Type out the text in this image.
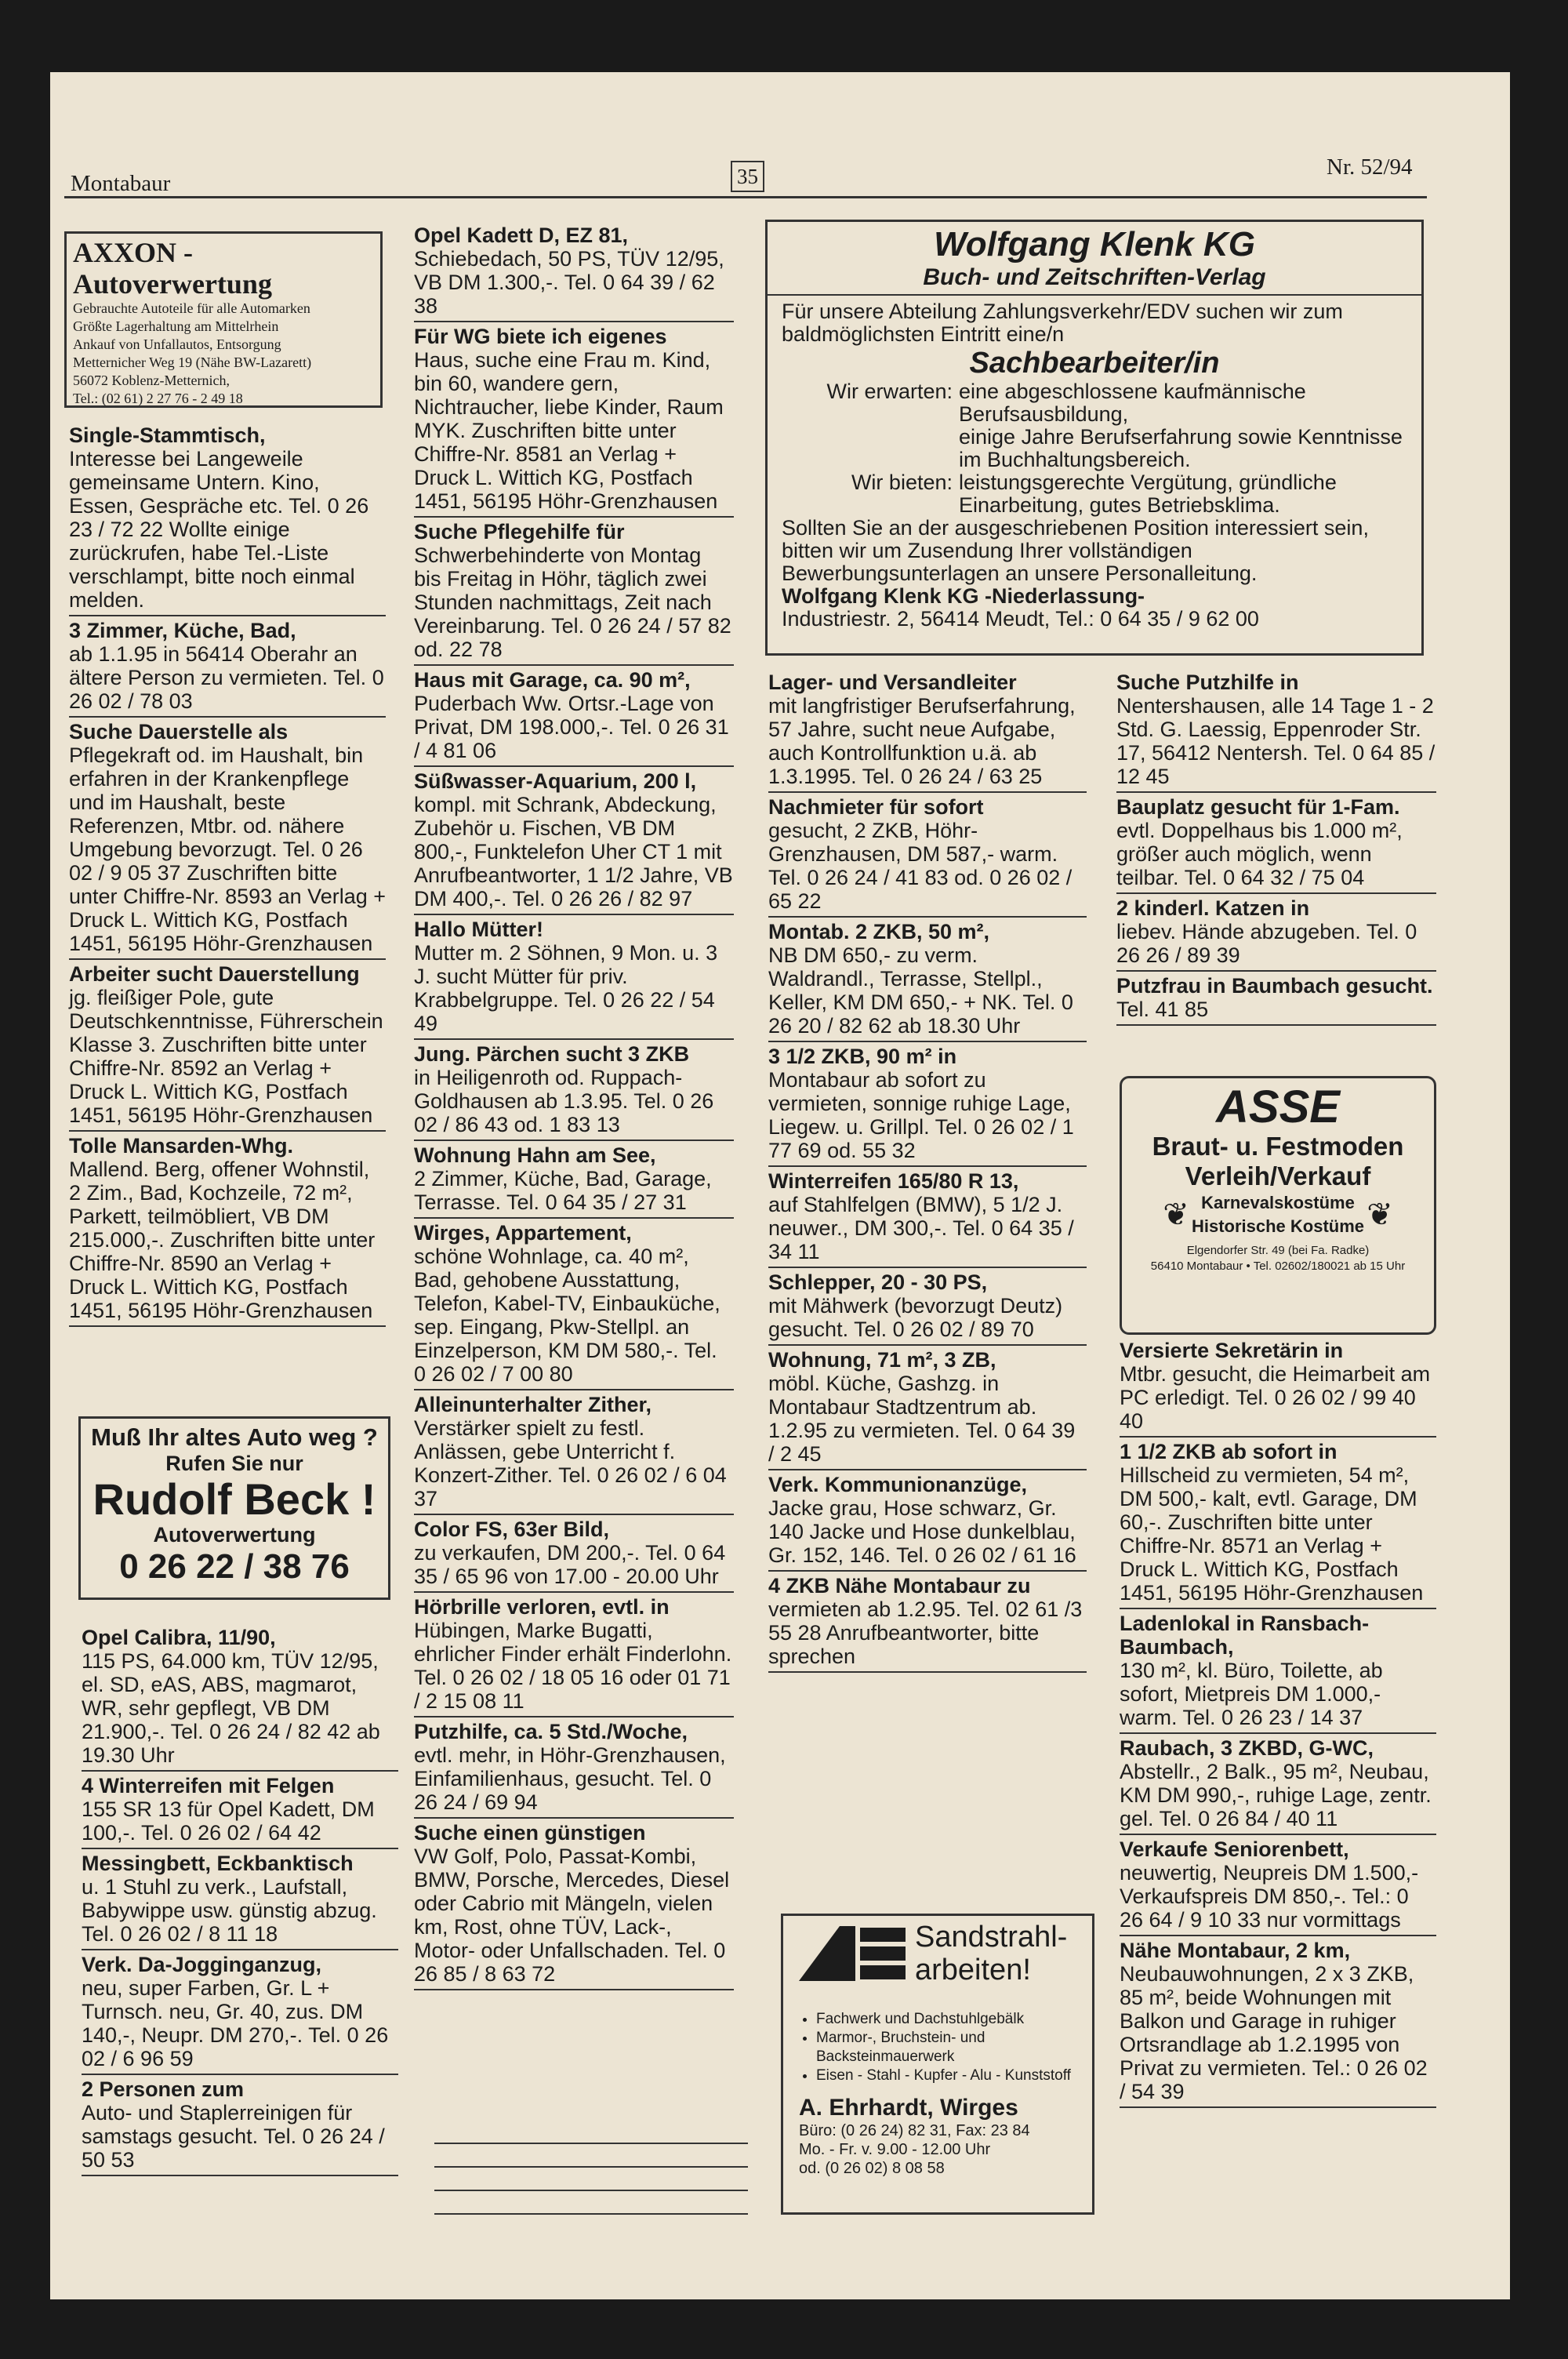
Montabaur	35	Nr. 52/94
AXXON - Autoverwertung
Gebrauchte Autoteile für alle Automarken
Größte Lagerhaltung am Mittelrhein
Ankauf von Unfallautos, Entsorgung
Metternicher Weg 19 (Nähe BW-Lazarett)
56072 Koblenz-Metternich,
Tel.: (02 61) 2 27 76 - 2 49 18
Single-Stammtisch,
Interesse bei Langeweile gemeinsame Untern. Kino, Essen, Gespräche etc. Tel. 0 26 23 / 72 22 Wollte einige zurückrufen, habe Tel.-Liste verschlampt, bitte noch einmal melden.
3 Zimmer, Küche, Bad,
ab 1.1.95 in 56414 Oberahr an ältere Person zu vermieten. Tel. 0 26 02 / 78 03
Suche Dauerstelle als
Pflegekraft od. im Haushalt, bin erfahren in der Krankenpflege und im Haushalt, beste Referenzen, Mtbr. od. nähere Umgebung bevorzugt. Tel. 0 26 02 / 9 05 37 Zuschriften bitte unter Chiffre-Nr. 8593 an Verlag + Druck L. Wittich KG, Postfach 1451, 56195 Höhr-Grenzhausen
Arbeiter sucht Dauerstellung
jg. fleißiger Pole, gute Deutschkenntnisse, Führerschein Klasse 3. Zuschriften bitte unter Chiffre-Nr. 8592 an Verlag + Druck L. Wittich KG, Postfach 1451, 56195 Höhr-Grenzhausen
Tolle Mansarden-Whg.
Mallend. Berg, offener Wohnstil, 2 Zim., Bad, Kochzeile, 72 m², Parkett, teilmöbliert, VB DM 215.000,-. Zuschriften bitte unter Chiffre-Nr. 8590 an Verlag + Druck L. Wittich KG, Postfach 1451, 56195 Höhr-Grenzhausen
Muß Ihr altes Auto weg ?
Rufen Sie nur
Rudolf Beck !
Autoverwertung
0 26 22 / 38 76
Opel Calibra, 11/90,
115 PS, 64.000 km, TÜV 12/95, el. SD, eAS, ABS, magmarot, WR, sehr gepflegt, VB DM 21.900,-. Tel. 0 26 24 / 82 42 ab 19.30 Uhr
4 Winterreifen mit Felgen
155 SR 13 für Opel Kadett, DM 100,-. Tel. 0 26 02 / 64 42
Messingbett, Eckbanktisch
u. 1 Stuhl zu verk., Laufstall, Babywippe usw. günstig abzug. Tel. 0 26 02 / 8 11 18
Verk. Da-Jogginganzug,
neu, super Farben, Gr. L + Turnsch. neu, Gr. 40, zus. DM 140,-, Neupr. DM 270,-. Tel. 0 26 02 / 6 96 59
2 Personen zum
Auto- und Staplerreinigen für samstags gesucht. Tel. 0 26 24 / 50 53
Opel Kadett D, EZ 81,
Schiebedach, 50 PS, TÜV 12/95, VB DM 1.300,-. Tel. 0 64 39 / 62 38
Für WG biete ich eigenes
Haus, suche eine Frau m. Kind, bin 60, wandere gern, Nichtraucher, liebe Kinder, Raum MYK. Zuschriften bitte unter Chiffre-Nr. 8581 an Verlag + Druck L. Wittich KG, Postfach 1451, 56195 Höhr-Grenzhausen
Suche Pflegehilfe für
Schwerbehinderte von Montag bis Freitag in Höhr, täglich zwei Stunden nachmittags, Zeit nach Vereinbarung. Tel. 0 26 24 / 57 82 od. 22 78
Haus mit Garage, ca. 90 m²,
Puderbach Ww. Ortsr.-Lage von Privat, DM 198.000,-. Tel. 0 26 31 / 4 81 06
Süßwasser-Aquarium, 200 l,
kompl. mit Schrank, Abdeckung, Zubehör u. Fischen, VB DM 800,-, Funktelefon Uher CT 1 mit Anrufbeantworter, 1 1/2 Jahre, VB DM 400,-. Tel. 0 26 26 / 82 97
Hallo Mütter!
Mutter m. 2 Söhnen, 9 Mon. u. 3 J. sucht Mütter für priv. Krabbelgruppe. Tel. 0 26 22 / 54 49
Jung. Pärchen sucht 3 ZKB
in Heiligenroth od. Ruppach-Goldhausen ab 1.3.95. Tel. 0 26 02 / 86 43 od. 1 83 13
Wohnung Hahn am See,
2 Zimmer, Küche, Bad, Garage, Terrasse. Tel. 0 64 35 / 27 31
Wirges, Appartement,
schöne Wohnlage, ca. 40 m², Bad, gehobene Ausstattung, Telefon, Kabel-TV, Einbauküche, sep. Eingang, Pkw-Stellpl. an Einzelperson, KM DM 580,-. Tel. 0 26 02 / 7 00 80
Alleinunterhalter Zither,
Verstärker spielt zu festl. Anlässen, gebe Unterricht f. Konzert-Zither. Tel. 0 26 02 / 6 04 37
Color FS, 63er Bild,
zu verkaufen, DM 200,-. Tel. 0 64 35 / 65 96 von 17.00 - 20.00 Uhr
Hörbrille verloren, evtl. in
Hübingen, Marke Bugatti, ehrlicher Finder erhält Finderlohn. Tel. 0 26 02 / 18 05 16 oder 01 71 / 2 15 08 11
Putzhilfe, ca. 5 Std./Woche,
evtl. mehr, in Höhr-Grenzhausen, Einfamilienhaus, gesucht. Tel. 0 26 24 / 69 94
Suche einen günstigen
VW Golf, Polo, Passat-Kombi, BMW, Porsche, Mercedes, Diesel oder Cabrio mit Mängeln, vielen km, Rost, ohne TÜV, Lack-, Motor- oder Unfallschaden. Tel. 0 26 85 / 8 63 72
Wolfgang Klenk KG
Buch- und Zeitschriften-Verlag
Für unsere Abteilung Zahlungsverkehr/EDV suchen wir zum baldmöglichsten Eintritt eine/n
Sachbearbeiter/in
Wir erwarten: eine abgeschlossene kaufmännische Berufsausbildung,
einige Jahre Berufserfahrung sowie Kenntnisse im Buchhaltungsbereich.
Wir bieten: leistungsgerechte Vergütung, gründliche Einarbeitung, gutes Betriebsklima.
Sollten Sie an der ausgeschriebenen Position interessiert sein, bitten wir um Zusendung Ihrer vollständigen Bewerbungsunterlagen an unsere Personalleitung.
Wolfgang Klenk KG -Niederlassung-
Industriestr. 2, 56414 Meudt, Tel.: 0 64 35 / 9 62 00
Lager- und Versandleiter
mit langfristiger Berufserfahrung, 57 Jahre, sucht neue Aufgabe, auch Kontrollfunktion u.ä. ab 1.3.1995. Tel. 0 26 24 / 63 25
Nachmieter für sofort
gesucht, 2 ZKB, Höhr-Grenzhausen, DM 587,- warm. Tel. 0 26 24 / 41 83 od. 0 26 02 / 65 22
Montab. 2 ZKB, 50 m²,
NB DM 650,- zu verm. Waldrandl., Terrasse, Stellpl., Keller, KM DM 650,- + NK. Tel. 0 26 20 / 82 62 ab 18.30 Uhr
3 1/2 ZKB, 90 m² in
Montabaur ab sofort zu vermieten, sonnige ruhige Lage, Liegew. u. Grillpl. Tel. 0 26 02 / 1 77 69 od. 55 32
Winterreifen 165/80 R 13,
auf Stahlfelgen (BMW), 5 1/2 J. neuwer., DM 300,-. Tel. 0 64 35 / 34 11
Schlepper, 20 - 30 PS,
mit Mähwerk (bevorzugt Deutz) gesucht. Tel. 0 26 02 / 89 70
Wohnung, 71 m², 3 ZB,
möbl. Küche, Gashzg. in Montabaur Stadtzentrum ab. 1.2.95 zu vermieten. Tel. 0 64 39 / 2 45
Verk. Kommunionanzüge,
Jacke grau, Hose schwarz, Gr. 140 Jacke und Hose dunkelblau, Gr. 152, 146. Tel. 0 26 02 / 61 16
4 ZKB Nähe Montabaur zu
vermieten ab 1.2.95. Tel. 02 61 /3 55 28 Anrufbeantworter, bitte sprechen
Sandstrahl-arbeiten!
• Fachwerk und Dachstuhlgebälk
• Marmor-, Bruchstein- und Backsteinmauerwerk
• Eisen - Stahl - Kupfer - Alu - Kunststoff
A. Ehrhardt, Wirges
Büro: (0 26 24) 82 31, Fax: 23 84
Mo. - Fr. v. 9.00 - 12.00 Uhr
od. (0 26 02) 8 08 58
Suche Putzhilfe in
Nentershausen, alle 14 Tage 1 - 2 Std. G. Laessig, Eppenroder Str. 17, 56412 Nentersh. Tel. 0 64 85 / 12 45
Bauplatz gesucht für 1-Fam.
evtl. Doppelhaus bis 1.000 m², größer auch möglich, wenn teilbar. Tel. 0 64 32 / 75 04
2 kinderl. Katzen in
liebev. Hände abzugeben. Tel. 0 26 26 / 89 39
Putzfrau in Baumbach gesucht.
Tel. 41 85
ASSE
Braut- u. Festmoden
Verleih/Verkauf
❦ Karnevalskostüme
Historische Kostüme ❦
Elgendorfer Str. 49 (bei Fa. Radke)
56410 Montabaur • Tel. 02602/180021 ab 15 Uhr
Versierte Sekretärin in
Mtbr. gesucht, die Heimarbeit am PC erledigt. Tel. 0 26 02 / 99 40 40
1 1/2 ZKB ab sofort in
Hillscheid zu vermieten, 54 m², DM 500,- kalt, evtl. Garage, DM 60,-. Zuschriften bitte unter Chiffre-Nr. 8571 an Verlag + Druck L. Wittich KG, Postfach 1451, 56195 Höhr-Grenzhausen
Ladenlokal in Ransbach- Baumbach,
130 m², kl. Büro, Toilette, ab sofort, Mietpreis DM 1.000,- warm. Tel. 0 26 23 / 14 37
Raubach, 3 ZKBD, G-WC,
Abstellr., 2 Balk., 95 m², Neubau, KM DM 990,-, ruhige Lage, zentr. gel. Tel. 0 26 84 / 40 11
Verkaufe Seniorenbett,
neuwertig, Neupreis DM 1.500,- Verkaufspreis DM 850,-. Tel.: 0 26 64 / 9 10 33 nur vormittags
Nähe Montabaur, 2 km,
Neubauwohnungen, 2 x 3 ZKB, 85 m², beide Wohnungen mit Balkon und Garage in ruhiger Ortsrandlage ab 1.2.1995 von Privat zu vermieten. Tel.: 0 26 02 / 54 39
